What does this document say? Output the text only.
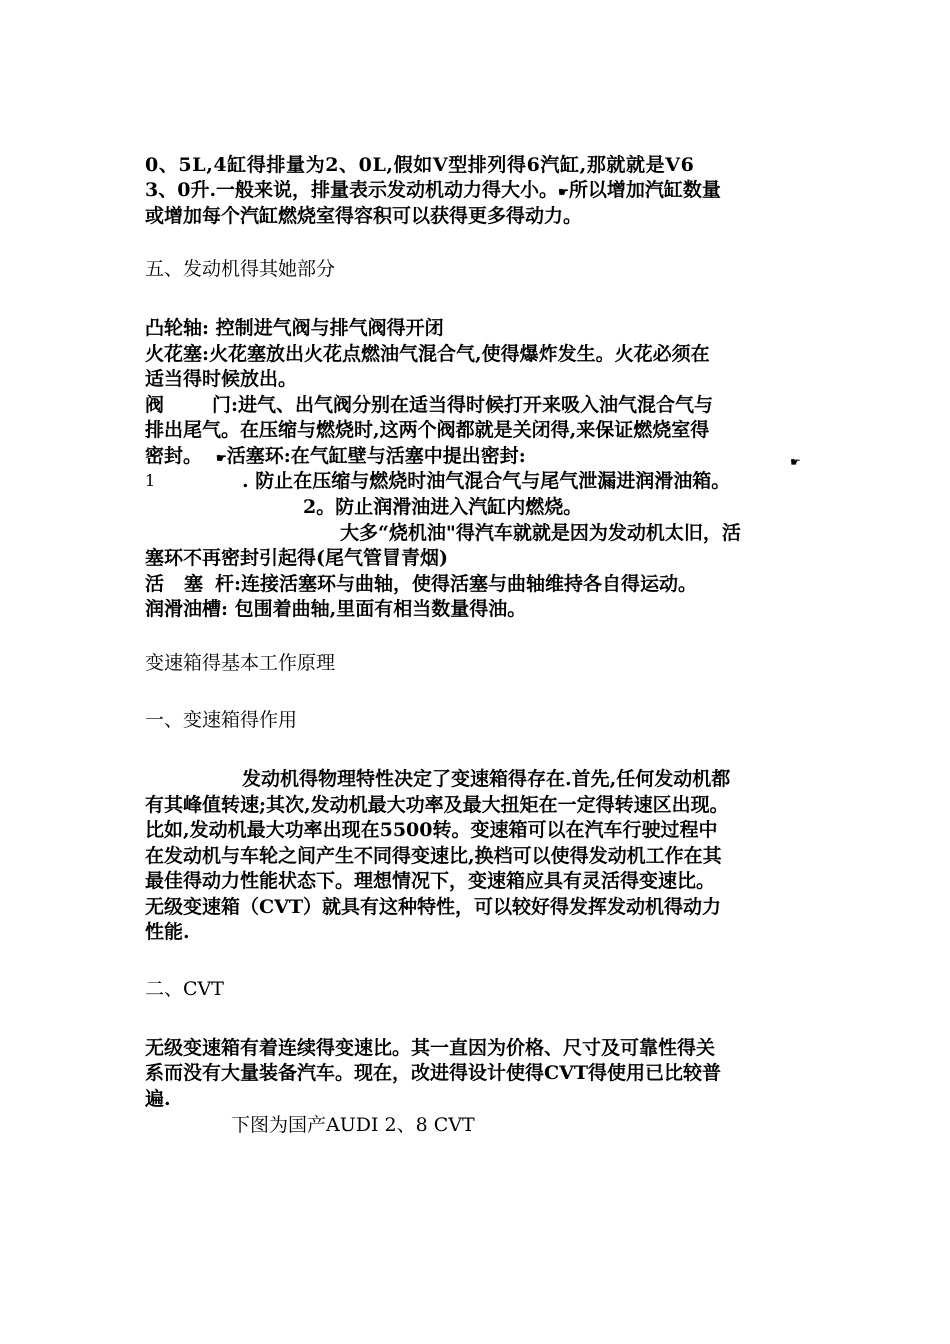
0、5L,4缸得排量为2、0L,假如V型排列得6汽缸,那就就是V6

3、0升.一般来说，排量表示发动机动力得大小。☛所以增加汽缸数量

或增加每个汽缸燃烧室得容积可以获得更多得动力。

五、发动机得其她部分

凸轮轴: 控制进气阀与排气阀得开闭

火花塞:火花塞放出火花点燃油气混合气,使得爆炸发生。火花必须在

适当得时候放出。

阀	门:进气、出气阀分别在适当得时候打开来吸入油气混合气与

排出尾气。在压缩与燃烧时,这两个阀都就是关闭得,来保证燃烧室得

密封。 ☛活塞环:在气缸壁与活塞中提出密封:	☛

1	. 防止在压缩与燃烧时油气混合气与尾气泄漏进润滑油箱。

2。防止润滑油进入汽缸内燃烧。

大多“烧机油"得汽车就就是因为发动机太旧，活

塞环不再密封引起得(尾气管冒青烟)

活 塞 杆:连接活塞环与曲轴，使得活塞与曲轴维持各自得运动。

润滑油槽: 包围着曲轴,里面有相当数量得油。

变速箱得基本工作原理

一、变速箱得作用

发动机得物理特性决定了变速箱得存在.首先,任何发动机都

有其峰值转速;其次,发动机最大功率及最大扭矩在一定得转速区出现。

比如,发动机最大功率出现在5500转。变速箱可以在汽车行驶过程中

在发动机与车轮之间产生不同得变速比,换档可以使得发动机工作在其

最佳得动力性能状态下。理想情况下，变速箱应具有灵活得变速比。

无级变速箱（CVT）就具有这种特性，可以较好得发挥发动机得动力

性能.

二、CVT

无级变速箱有着连续得变速比。其一直因为价格、尺寸及可靠性得关

系而没有大量装备汽车。现在，改进得设计使得CVT得使用已比较普

遍.

下图为国产AUDI 2、8 CVT
